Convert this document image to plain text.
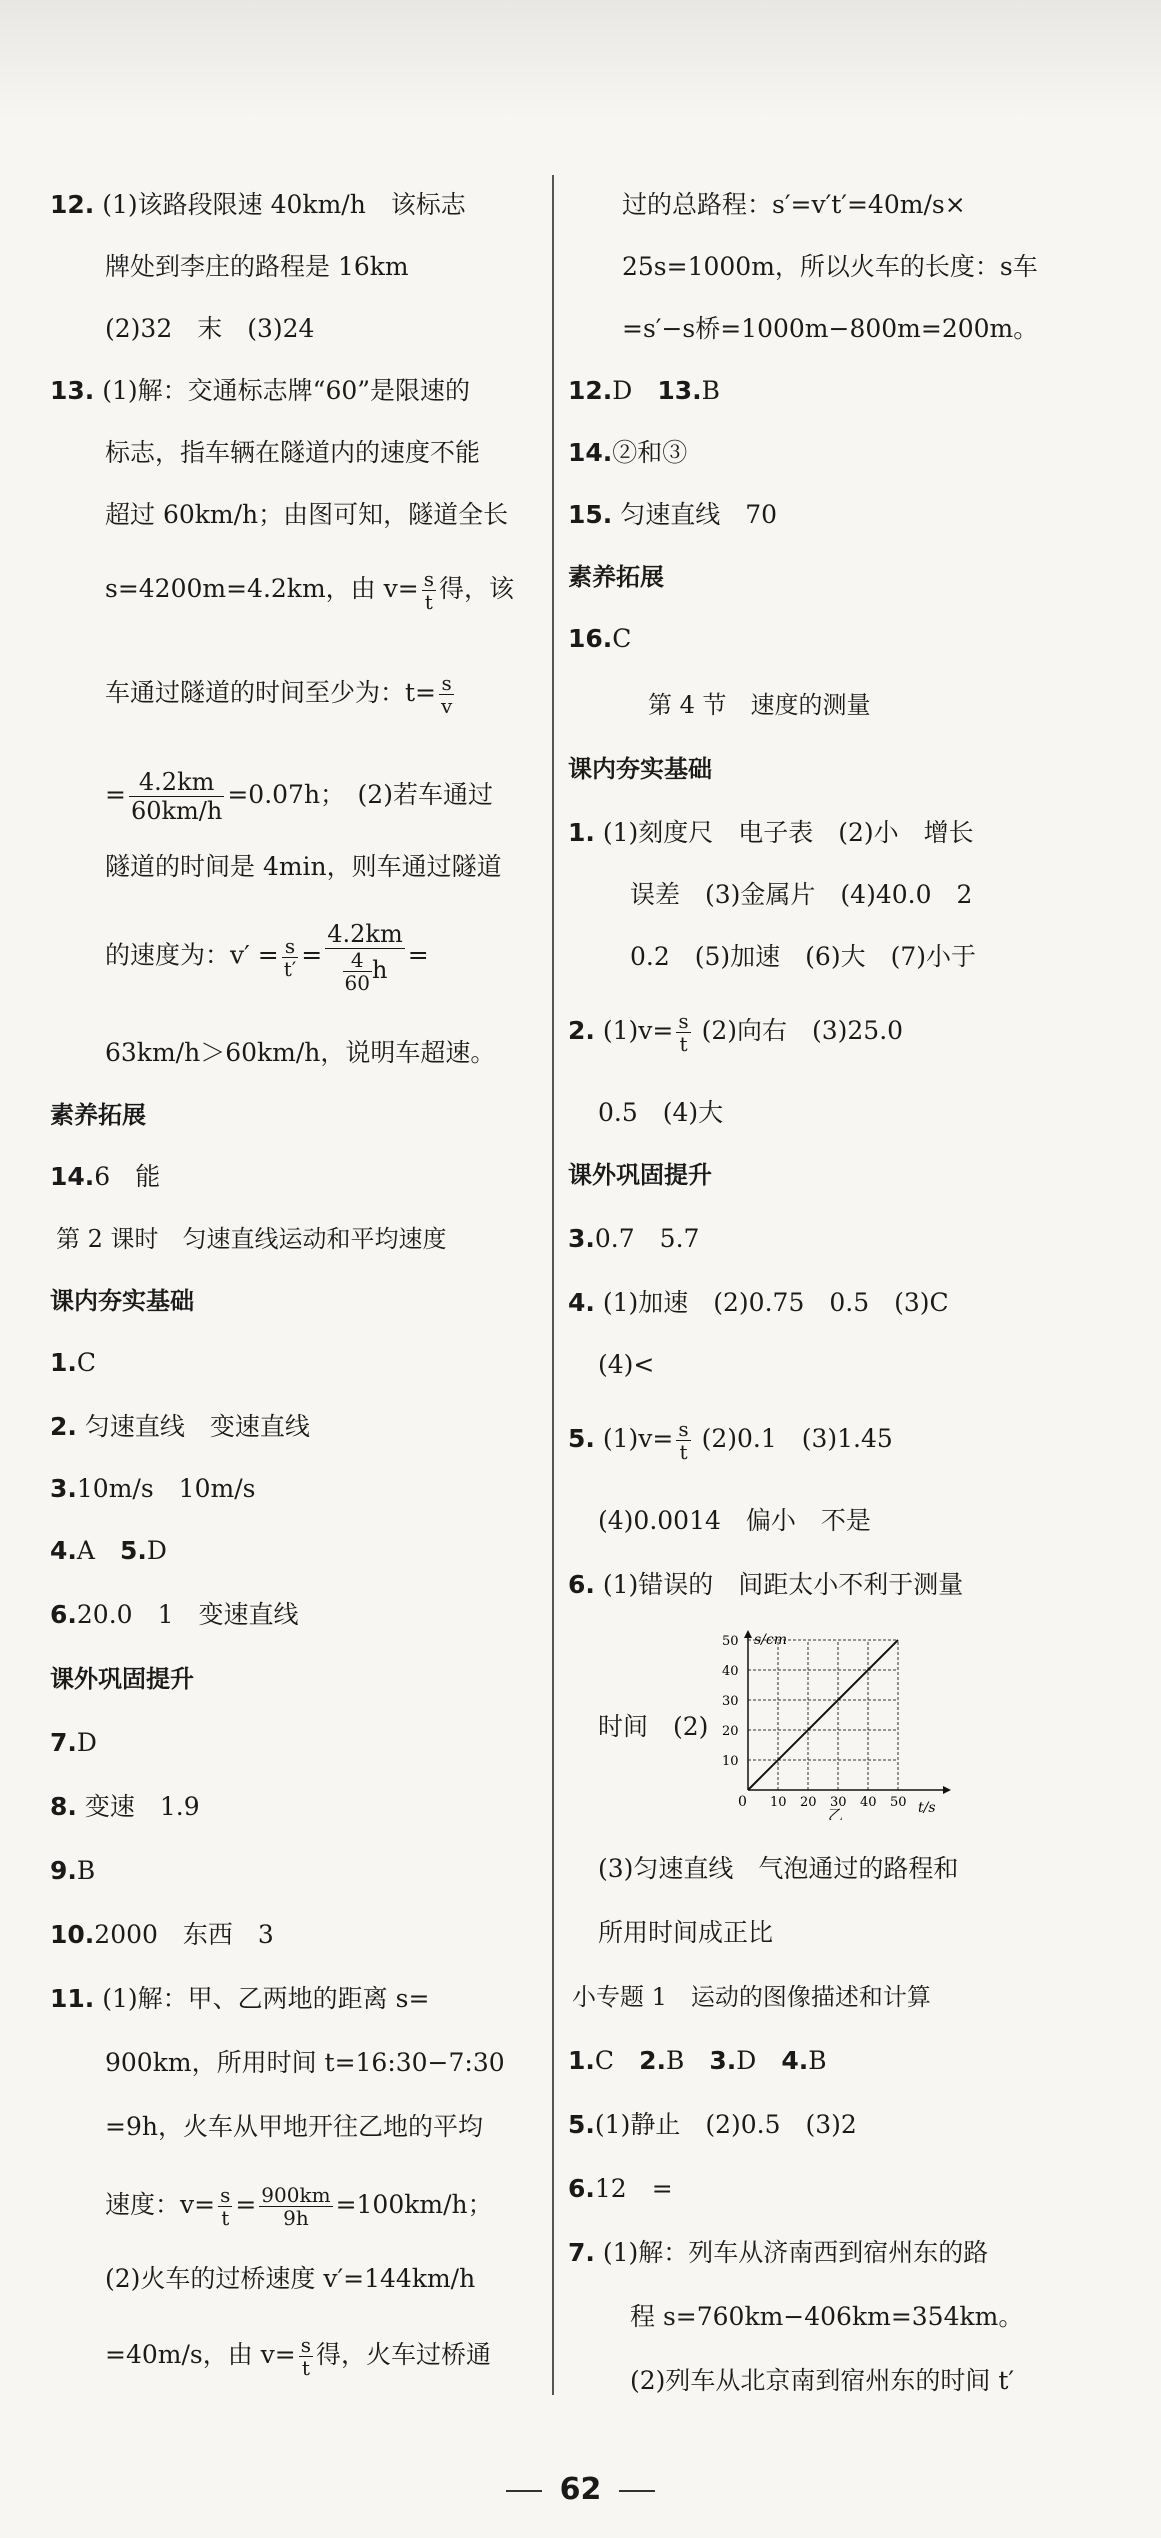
12. (1)该路段限速 40km/h　该标志
牌处到李庄的路程是 16km
(2)32　末　(3)24
13. (1)解：交通标志牌“60”是限速的
标志，指车辆在隧道内的速度不能
超过 60km/h；由图可知，隧道全长
s=4200m=4.2km，由 $v= \frac{s}{t}$ 得，该
车通过隧道的时间至少为：$t= \frac{s}{v}$
= $\frac{4.2km}{60km/h} =0.07h$；　(2)若车通过
隧道的时间是 4min，则车通过隧道
的速度为：$v' = \frac{s}{t'} = \frac{4.2km}{\frac{4}{60} h}$ =
63km/h＞60km/h，说明车超速。
素养拓展
14.6　能
第 2 课时　匀速直线运动和平均速度
课内夯实基础
1.C
2. 匀速直线　变速直线
3.10m/s　10m/s
4.A　5.D
6.20.0　1　变速直线
课外巩固提升
7.D
8. 变速　1.9
9.B
10.2000　东西　3
11. (1)解：甲、乙两地的距离 s=
900km，所用时间 t=16:30−7:30
=9h，火车从甲地开往乙地的平均
速度：$v= \frac{s}{t} = \frac{900km}{9h} =100km/h$；
(2)火车的过桥速度 v′=144km/h
=40m/s，由 $v= \frac{s}{t}$ 得，火车过桥通
过的总路程：s′=v′t′=40m/s×
25s=1000m，所以火车的长度：s车
=s′−s桥=1000m−800m=200m。
12.D　13.B
14.②和③
15. 匀速直线　70
素养拓展
16.C
第 4 节　速度的测量
课内夯实基础
1. (1)刻度尺　电子表　(2)小　增长
误差　(3)金属片　(4)40.0　2
0.2　(5)加速　(6)大　(7)小于
2. $(1)v= \frac{s}{t} (2)$向右　(3)25.0
0.5　(4)大
课外巩固提升
3.0.7　5.7
4. (1)加速　(2)0.75　0.5　(3)C
(4)<
5. $(1)v= \frac{s}{t} (2)0.1$　(3)1.45
(4)0.0014　偏小　不是
6. (1)错误的　间距太小不利于测量
时间　(2)
s/cm
t/s
0
10
20
30
40
50
10 20 30 40 50
乙
(3)匀速直线　气泡通过的路程和
所用时间成正比
小专题 1　运动的图像描述和计算
1.C　 2.B　 3.D　 4.B
5.(1)静止　(2)0.5　(3)2
6.12　=
7. (1)解：列车从济南西到宿州东的路
程 s=760km−406km=354km。
(2)列车从北京南到宿州东的时间 t′
62
